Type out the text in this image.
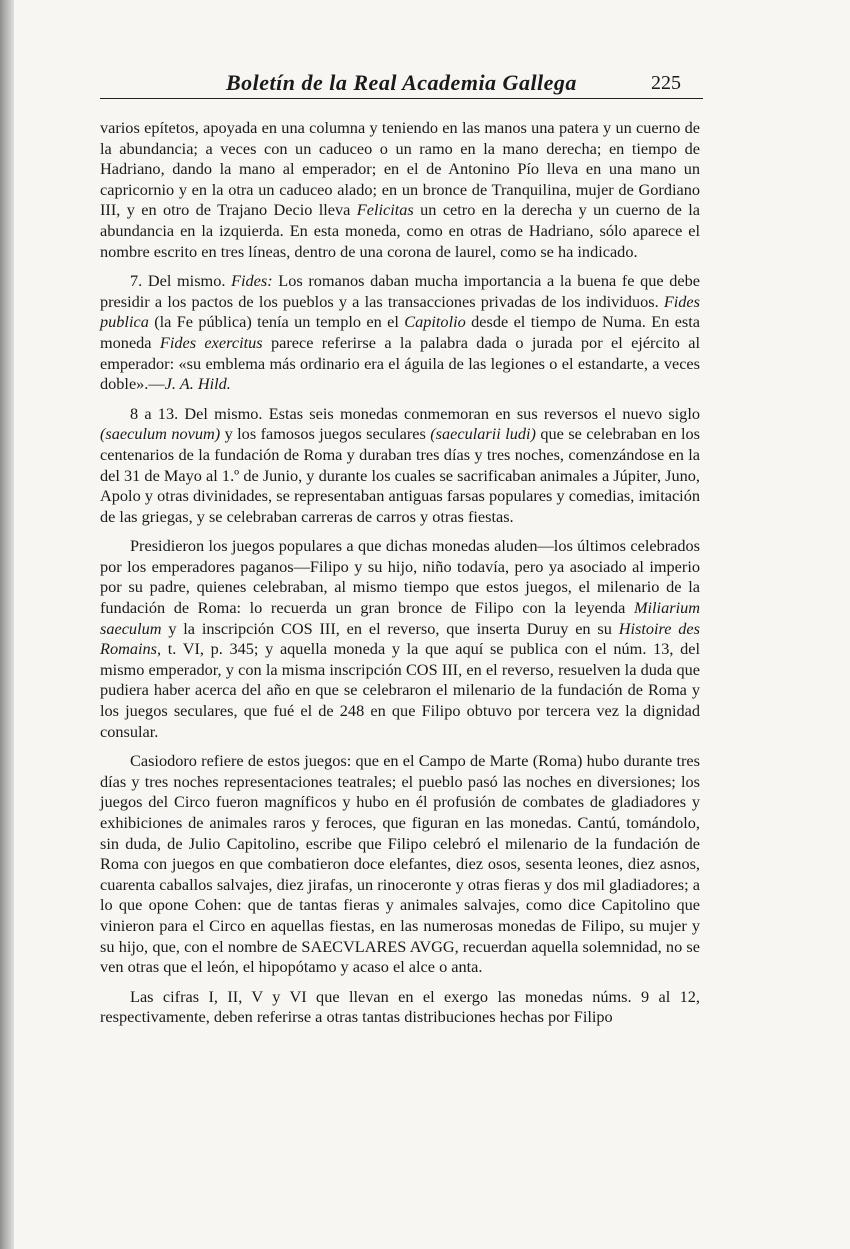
Boletín de la Real Academia Gallega	225

varios epítetos, apoyada en una columna y teniendo en las manos una patera y un cuerno de la abundancia; a veces con un caduceo o un ramo en la mano derecha; en tiempo de Hadriano, dando la mano al emperador; en el de Antonino Pío lleva en una mano un capricornio y en la otra un caduceo alado; en un bronce de Tranquilina, mujer de Gordiano III, y en otro de Trajano Decio lleva Felicitas un cetro en la derecha y un cuerno de la abundancia en la izquierda. En esta moneda, como en otras de Hadriano, sólo aparece el nombre escrito en tres líneas, dentro de una corona de laurel, como se ha indicado.

7. Del mismo. Fides: Los romanos daban mucha importancia a la buena fe que debe presidir a los pactos de los pueblos y a las transacciones privadas de los individuos. Fides publica (la Fe pública) tenía un templo en el Capitolio desde el tiempo de Numa. En esta moneda Fides exercitus parece referirse a la palabra dada o jurada por el ejército al emperador: «su emblema más ordinario era el águila de las legiones o el estandarte, a veces doble».—J. A. Hild.

8 a 13. Del mismo. Estas seis monedas conmemoran en sus reversos el nuevo siglo (saeculum novum) y los famosos juegos seculares (saecularii ludi) que se celebraban en los centenarios de la fundación de Roma y duraban tres días y tres noches, comenzándose en la del 31 de Mayo al 1.º de Junio, y durante los cuales se sacrificaban animales a Júpiter, Juno, Apolo y otras divinidades, se representaban antiguas farsas populares y comedias, imitación de las griegas, y se celebraban carreras de carros y otras fiestas.

Presidieron los juegos populares a que dichas monedas aluden—los últimos celebrados por los emperadores paganos—Filipo y su hijo, niño todavía, pero ya asociado al imperio por su padre, quienes celebraban, al mismo tiempo que estos juegos, el milenario de la fundación de Roma: lo recuerda un gran bronce de Filipo con la leyenda Miliarium saeculum y la inscripción COS III, en el reverso, que inserta Duruy en su Histoire des Romains, t. VI, p. 345; y aquella moneda y la que aquí se publica con el núm. 13, del mismo emperador, y con la misma inscripción COS III, en el reverso, resuelven la duda que pudiera haber acerca del año en que se celebraron el milenario de la fundación de Roma y los juegos seculares, que fué el de 248 en que Filipo obtuvo por tercera vez la dignidad consular.

Casiodoro refiere de estos juegos: que en el Campo de Marte (Roma) hubo durante tres días y tres noches representaciones teatrales; el pueblo pasó las noches en diversiones; los juegos del Circo fueron magníficos y hubo en él profusión de combates de gladiadores y exhibiciones de animales raros y feroces, que figuran en las monedas. Cantú, tomándolo, sin duda, de Julio Capitolino, escribe que Filipo celebró el milenario de la fundación de Roma con juegos en que combatieron doce elefantes, diez osos, sesenta leones, diez asnos, cuarenta caballos salvajes, diez jirafas, un rinoceronte y otras fieras y dos mil gladiadores; a lo que opone Cohen: que de tantas fieras y animales salvajes, como dice Capitolino que vinieron para el Circo en aquellas fiestas, en las numerosas monedas de Filipo, su mujer y su hijo, que, con el nombre de SAECVLARES AVGG, recuerdan aquella solemnidad, no se ven otras que el león, el hipopótamo y acaso el alce o anta.

Las cifras I, II, V y VI que llevan en el exergo las monedas núms. 9 al 12, respectivamente, deben referirse a otras tantas distribuciones hechas por Filipo
